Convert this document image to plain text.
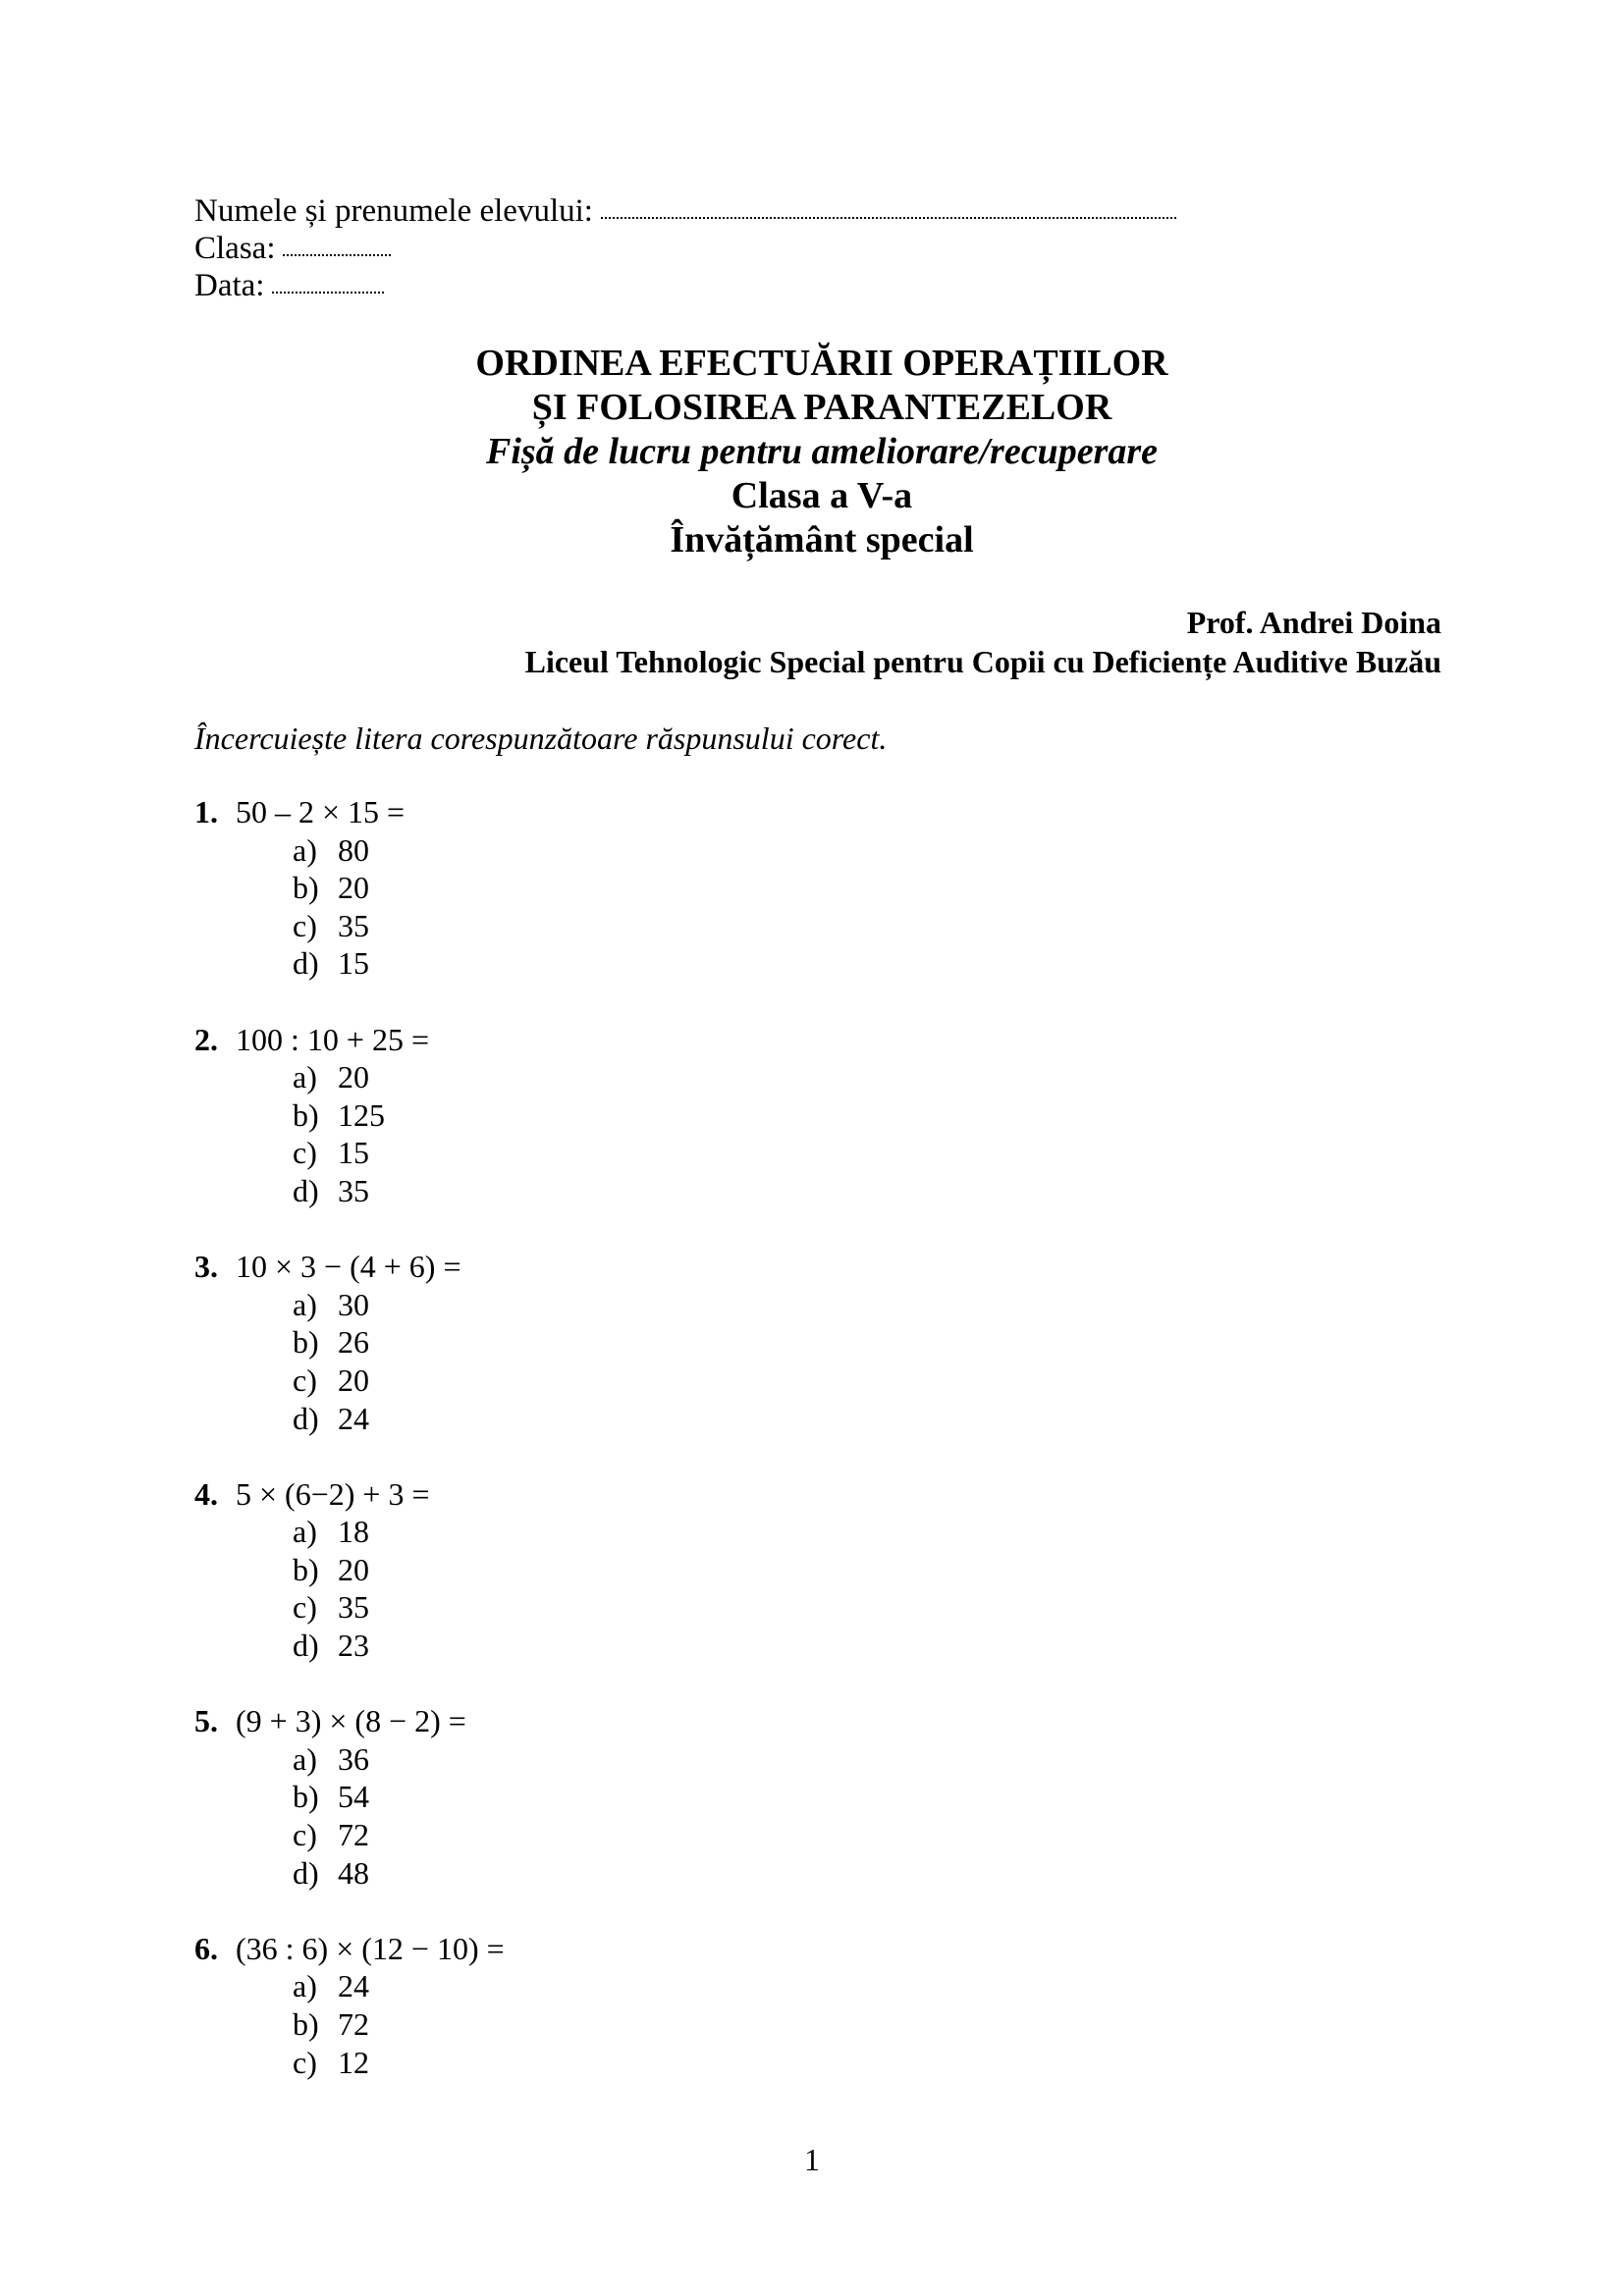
Numele și prenumele elevului:
Clasa:
Data:
ORDINEA EFECTUĂRII OPERAȚIILOR
ȘI FOLOSIREA PARANTEZELOR
Fișă de lucru pentru ameliorare/recuperare
Clasa a V-a
Învățământ special
Prof. Andrei Doina
Liceul Tehnologic Special pentru Copii cu Deficiențe Auditive Buzău
Încercuiește litera corespunzătoare răspunsului corect.
1. 50 – 2 × 15 =
a) 80
b) 20
c) 35
d) 15
2. 100 : 10 + 25 =
a) 20
b) 125
c) 15
d) 35
3. 10 × 3 − (4 + 6) =
a) 30
b) 26
c) 20
d) 24
4. 5 × (6−2) + 3 =
a) 18
b) 20
c) 35
d) 23
5. (9 + 3) × (8 − 2) =
a) 36
b) 54
c) 72
d) 48
6. (36 : 6) × (12 − 10) =
a) 24
b) 72
c) 12
1
